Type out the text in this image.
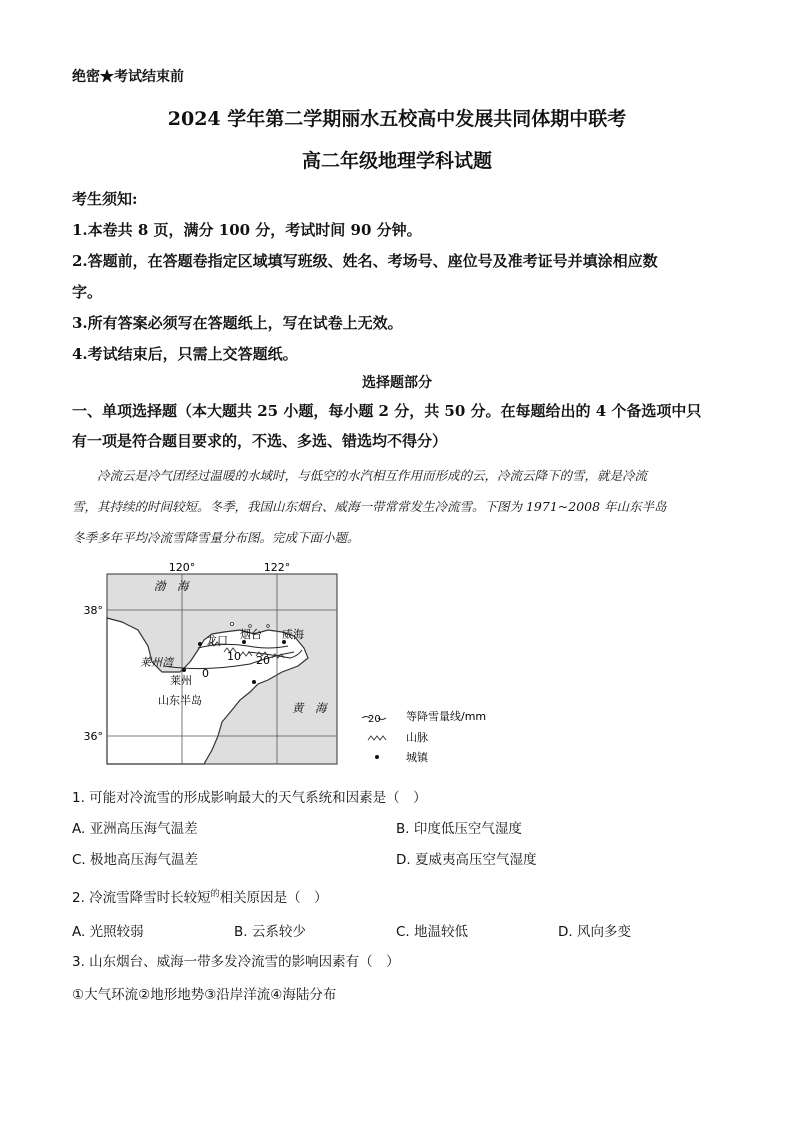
绝密★考试结束前
2024 学年第二学期丽水五校高中发展共同体期中联考
高二年级地理学科试题
考生须知:
1.本卷共 8 页，满分 100 分，考试时间 90 分钟。
2.答题前，在答题卷指定区域填写班级、姓名、考场号、座位号及准考证号并填涂相应数
字。
3.所有答案必须写在答题纸上，写在试卷上无效。
4.考试结束后，只需上交答题纸。
选择题部分
一、单项选择题（本大题共 25 小题，每小题 2 分，共 50 分。在每题给出的 4 个备选项中只
有一项是符合题目要求的，不选、多选、错选均不得分）

冷流云是冷气团经过温暖的水域时，与低空的水汽相互作用而形成的云，冷流云降下的雪，就是冷流

雪，其持续的时间较短。冬季，我国山东烟台、威海一带常常发生冷流雪。下图为 1971~2008 年山东半岛
冬季多年平均冷流雪降雪量分布图。完成下面小题。
120°	122°
38°
36°
渤　海
黄　海
莱州湾
龙口 烟台 威海
莱州
山东半岛
0
10 20
20 等降雪量线/mm
山脉
城镇
1. 可能对冷流雪的形成影响最大的天气系统和因素是（　）
A. 亚洲高压海气温差	B. 印度低压空气湿度
C. 极地高压海气温差	D. 夏威夷高压空气湿度
2. 冷流雪降雪时长较短$^的$相关原因是（　）
A. 光照较弱	B. 云系较少	C. 地温较低	D. 风向多变
3. 山东烟台、威海一带多发冷流雪的影响因素有（　）
①大气环流②地形地势③沿岸洋流④海陆分布
